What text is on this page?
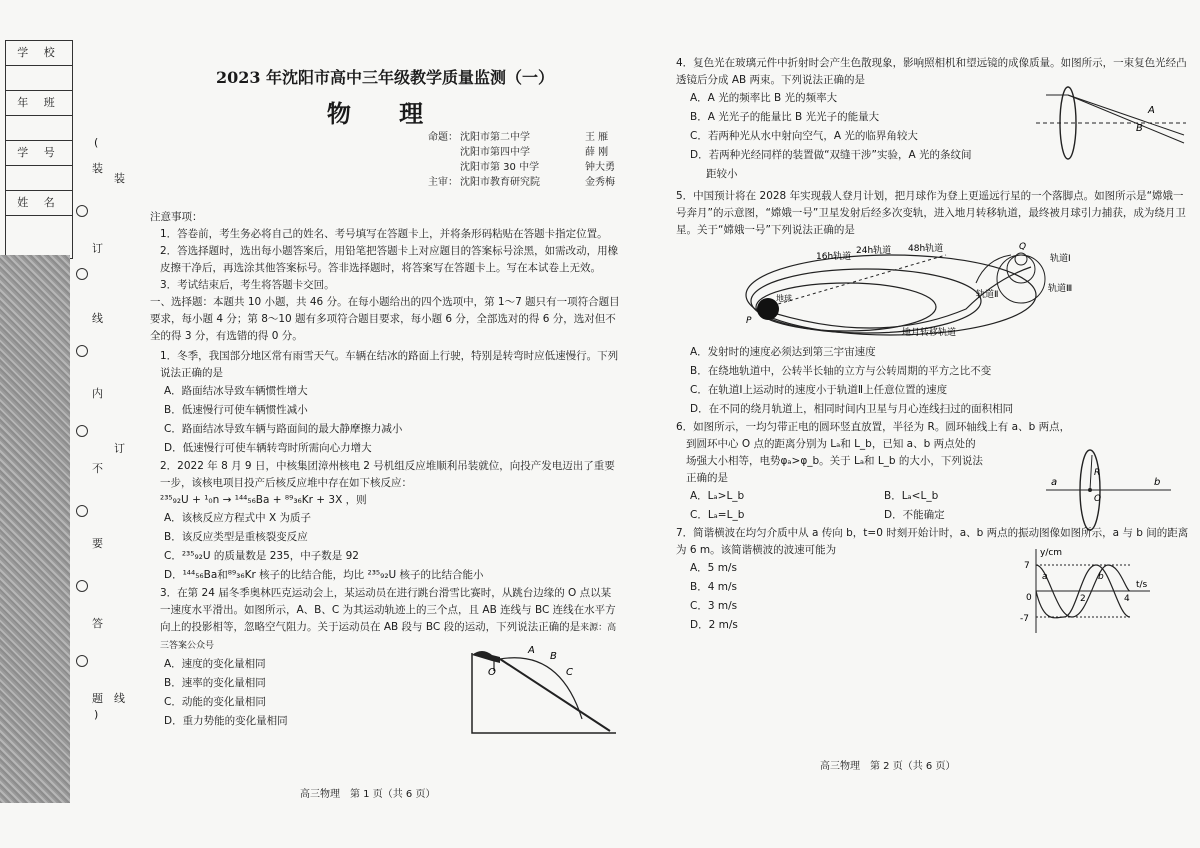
学 校
年 班
学 号
姓 名
(
装
订
线
内
不
要
答
题
)
装
订
线
2023 年沈阳市高中三年级教学质量监测（一）
物 理
命题： 沈阳市第二中学	王 雁
沈阳市第四中学	薛 刚
沈阳市第 30 中学	钟大勇
主审： 沈阳市教育研究院	金秀梅

注意事项：

1．答卷前，考生务必将自己的姓名、考号填写在答题卡上，并将条形码粘贴在答题卡指定位置。

2．答选择题时，选出每小题答案后，用铅笔把答题卡上对应题目的答案标号涂黑，如需改动，用橡皮擦干净后，再选涂其他答案标号。答非选择题时，将答案写在答题卡上。写在本试卷上无效。

3．考试结束后，考生将答题卡交回。

一、选择题：本题共 10 小题，共 46 分。在每小题给出的四个选项中，第 1～7 题只有一项符合题目要求，每小题 4 分；第 8～10 题有多项符合题目要求，每小题 6 分，全部选对的得 6 分，选对但不全的得 3 分，有选错的得 0 分。

1．冬季，我国部分地区常有雨雪天气。车辆在结冰的路面上行驶，特别是转弯时应低速慢行。下列说法正确的是

A．路面结冰导致车辆惯性增大
B．低速慢行可使车辆惯性减小
C．路面结冰导致车辆与路面间的最大静摩擦力减小
D．低速慢行可使车辆转弯时所需向心力增大

2．2022 年 8 月 9 日，中核集团漳州核电 2 号机组反应堆顺利吊装就位，向投产发电迈出了重要一步，该核电项目投产后核反应堆中存在如下核反应：

²³⁵₉₂U + ¹₀n → ¹⁴⁴₅₆Ba + ⁸⁹₃₆Kr + 3X ，则

A．该核反应方程式中 X 为质子
B．该反应类型是重核裂变反应
C．²³⁵₉₂U 的质量数是 235，中子数是 92
D．¹⁴⁴₅₆Ba和⁸⁹₃₆Kr 核子的比结合能，均比 ²³⁵₉₂U 核子的比结合能小

3．在第 24 届冬季奥林匹克运动会上，某运动员在进行跳台滑雪比赛时，从跳台边缘的 O 点以某一速度水平滑出。如图所示，A、B、C 为其运动轨迹上的三个点，且 AB 连线与 BC 连线在水平方向上的投影相等，忽略空气阻力。关于运动员在 AB 段与 BC 段的运动，下列说法正确的是来源：高三答案公众号

A．速度的变化量相同
B．速率的变化量相同
C．动能的变化量相同
D．重力势能的变化量相同
O
A
B
C
高三物理　第 1 页（共 6 页）

4．复色光在玻璃元件中折射时会产生色散现象，影响照相机和望远镜的成像质量。如图所示，一束复色光经凸透镜后分成 AB 两束。下列说法正确的是

A．A 光的频率比 B 光的频率大
B．A 光光子的能量比 B 光光子的能量大
C．若两种光从水中射向空气，A 光的临界角较大
D．若两种光经同样的装置做“双缝干涉”实验，A 光的条纹间
距较小
A
B

5．中国预计将在 2028 年实现载人登月计划，把月球作为登上更遥远行星的一个落脚点。如图所示是“嫦娥一号奔月”的示意图，“嫦娥一号”卫星发射后经多次变轨，进入地月转移轨道，最终被月球引力捕获，成为绕月卫星。关于“嫦娥一号”下列说法正确的是

16h轨道
24h轨道 48h轨道
地球
P
Q
轨道Ⅰ
轨道Ⅱ
轨道Ⅲ
地月转移轨道
A．发射时的速度必须达到第三宇宙速度
B．在绕地轨道中，公转半长轴的立方与公转周期的平方之比不变
C．在轨道Ⅰ上运动时的速度小于轨道Ⅱ上任意位置的速度
D．在不同的绕月轨道上，相同时间内卫星与月心连线扫过的面积相同

6．如图所示，一均匀带正电的圆环竖直放置，半径为 R。圆环轴线上有 a、b 两点，

到圆环中心 O 点的距离分别为 Lₐ和 L_b，已知 a、b 两点处的

场强大小相等，电势φₐ>φ_b。关于 Lₐ和 L_b 的大小，下列说法

正确的是

A．Lₐ>L_b	B．Lₐ<L_b
C．Lₐ=L_b	D．不能确定
a	b
R
O

7．简谐横波在均匀介质中从 a 传向 b，t=0 时刻开始计时，a、b 两点的振动图像如图所示，a 与 b 间的距离为 6 m。该简谐横波的波速可能为

A．5 m/s
B．4 m/s
C．3 m/s
D．2 m/s
y/cm
7
-7
0	2	4
t/s
a	b
高三物理　第 2 页（共 6 页）
